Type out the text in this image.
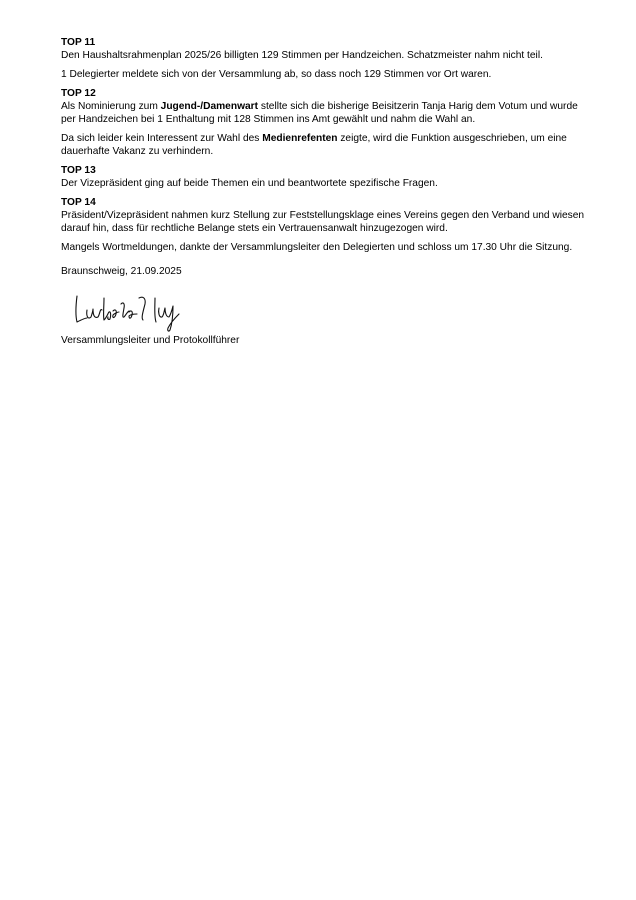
TOP 11

Den Haushaltsrahmenplan 2025/26 billigten 129 Stimmen per Handzeichen. Schatzmeister nahm nicht teil.

1 Delegierter meldete sich von der Versammlung ab, so dass noch 129 Stimmen vor Ort waren.

TOP 12

Als Nominierung zum Jugend-/Damenwart stellte sich die bisherige Beisitzerin Tanja Harig dem Votum und wurde per Handzeichen bei 1 Enthaltung mit 128 Stimmen ins Amt gewählt und nahm die Wahl an.

Da sich leider kein Interessent zur Wahl des Medienrefenten zeigte, wird die Funktion ausgeschrieben, um eine dauerhafte Vakanz zu verhindern.

TOP 13

Der Vizepräsident ging auf beide Themen ein und beantwortete spezifische Fragen.

TOP 14

Präsident/Vizepräsident nahmen kurz Stellung zur Feststellungsklage eines Vereins gegen den Verband und wiesen darauf hin, dass für rechtliche Belange stets ein Vertrauensanwalt hinzugezogen wird.

Mangels Wortmeldungen, dankte der Versammlungsleiter den Delegierten und schloss um 17.30 Uhr die Sitzung.

Braunschweig, 21.09.2025

Versammlungsleiter und Protokollführer
